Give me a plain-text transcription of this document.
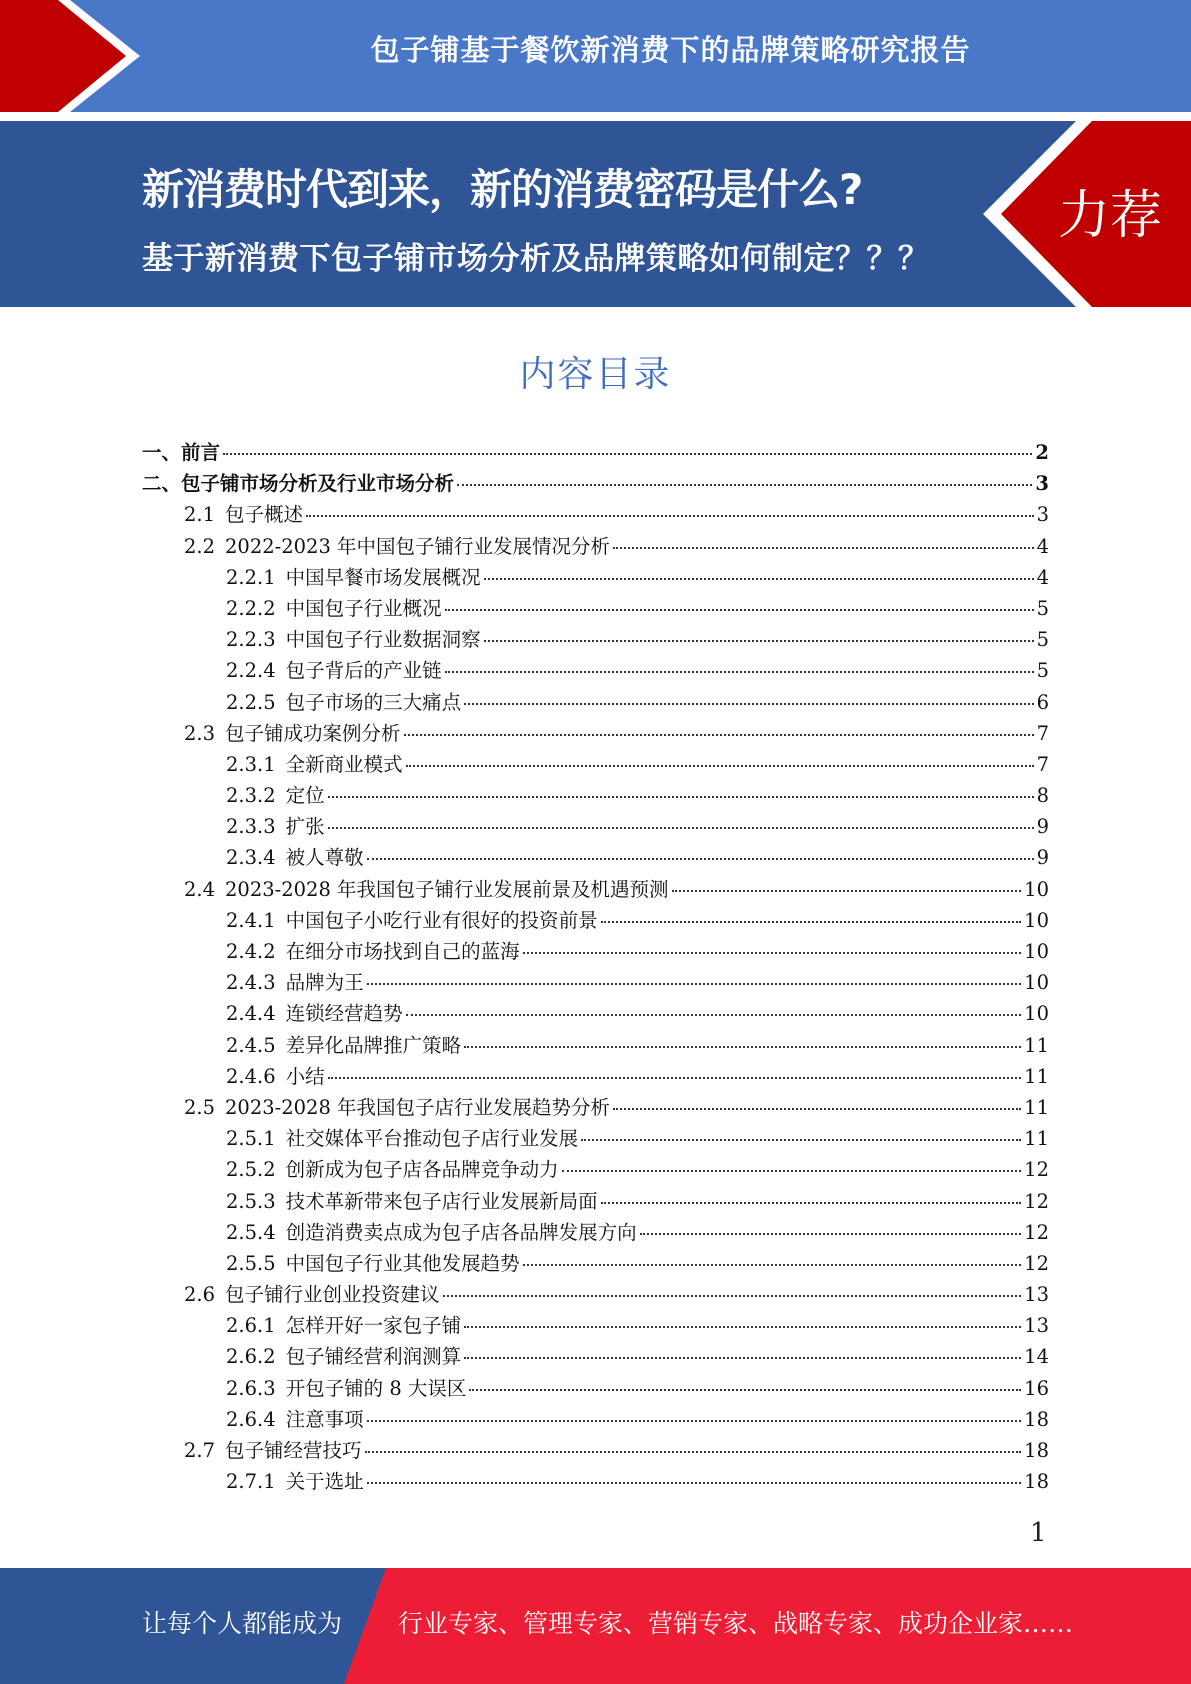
包子铺基于餐饮新消费下的品牌策略研究报告
新消费时代到来，新的消费密码是什么?
基于新消费下包子铺市场分析及品牌策略如何制定？？？
力荐
内容目录
一、 前言	2
二、 包子铺市场分析及行业市场分析	3
2.1 包子概述	3
2.2 2022-2023 年中国包子铺行业发展情况分析	4
2.2.1 中国早餐市场发展概况	4
2.2.2 中国包子行业概况	5
2.2.3 中国包子行业数据洞察	5
2.2.4 包子背后的产业链	5
2.2.5 包子市场的三大痛点	6
2.3 包子铺成功案例分析	7
2.3.1 全新商业模式	7
2.3.2 定位	8
2.3.3 扩张	9
2.3.4 被人尊敬	9
2.4 2023-2028 年我国包子铺行业发展前景及机遇预测	10
2.4.1 中国包子小吃行业有很好的投资前景	10
2.4.2 在细分市场找到自己的蓝海	10
2.4.3 品牌为王	10
2.4.4 连锁经营趋势	10
2.4.5 差异化品牌推广策略	11
2.4.6 小结	11
2.5 2023-2028 年我国包子店行业发展趋势分析	11
2.5.1 社交媒体平台推动包子店行业发展	11
2.5.2 创新成为包子店各品牌竞争动力	12
2.5.3 技术革新带来包子店行业发展新局面	12
2.5.4 创造消费卖点成为包子店各品牌发展方向	12
2.5.5 中国包子行业其他发展趋势	12
2.6 包子铺行业创业投资建议	13
2.6.1 怎样开好一家包子铺	13
2.6.2 包子铺经营利润测算	14
2.6.3 开包子铺的 8 大误区	16
2.6.4 注意事项	18
2.7 包子铺经营技巧	18
2.7.1 关于选址	18
1
让每个人都能成为 行业专家、管理专家、营销专家、战略专家、成功企业家……
